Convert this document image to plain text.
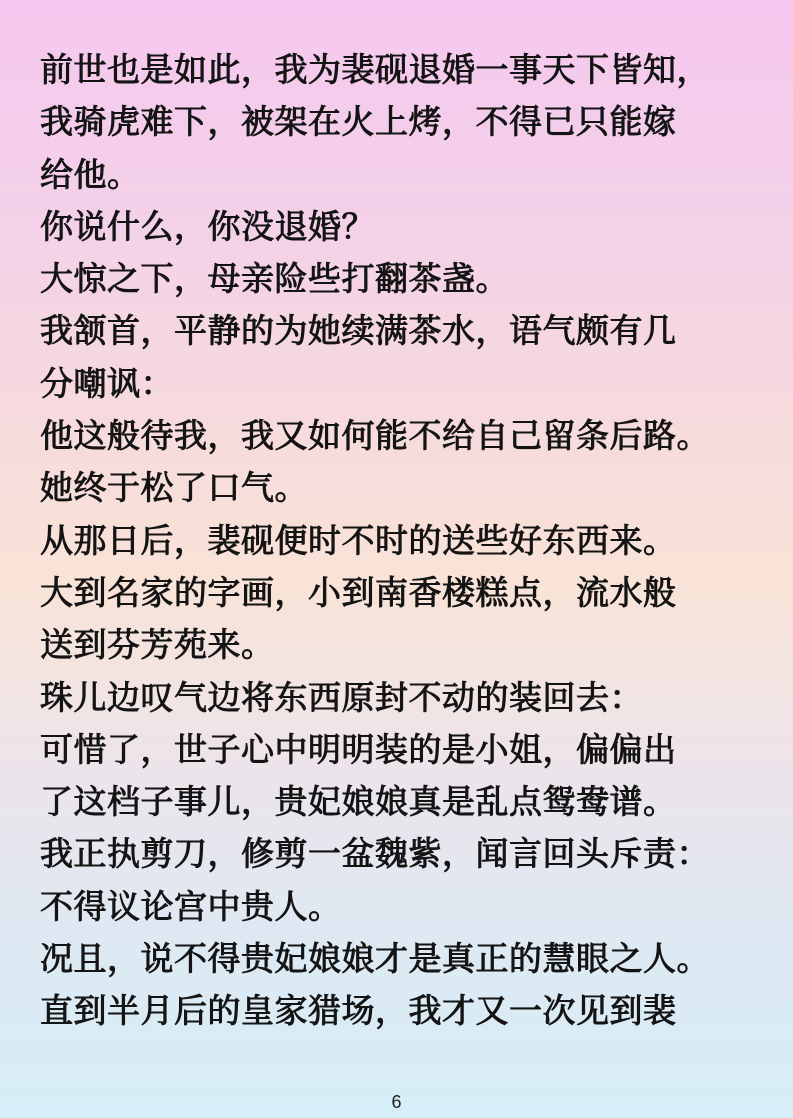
前世也是如此，我为裴砚退婚一事天下皆知，
我骑虎难下，被架在火上烤，不得已只能嫁
给他。
你说什么，你没退婚？
大惊之下，母亲险些打翻茶盏。
我颔首，平静的为她续满茶水，语气颇有几
分嘲讽：
他这般待我，我又如何能不给自己留条后路。
她终于松了口气。
从那日后，裴砚便时不时的送些好东西来。
大到名家的字画，小到南香楼糕点，流水般
送到芬芳苑来。
珠儿边叹气边将东西原封不动的装回去：
可惜了，世子心中明明装的是小姐，偏偏出
了这档子事儿，贵妃娘娘真是乱点鸳鸯谱。
我正执剪刀，修剪一盆魏紫，闻言回头斥责：
不得议论宫中贵人。
况且，说不得贵妃娘娘才是真正的慧眼之人。
直到半月后的皇家猎场，我才又一次见到裴
6
